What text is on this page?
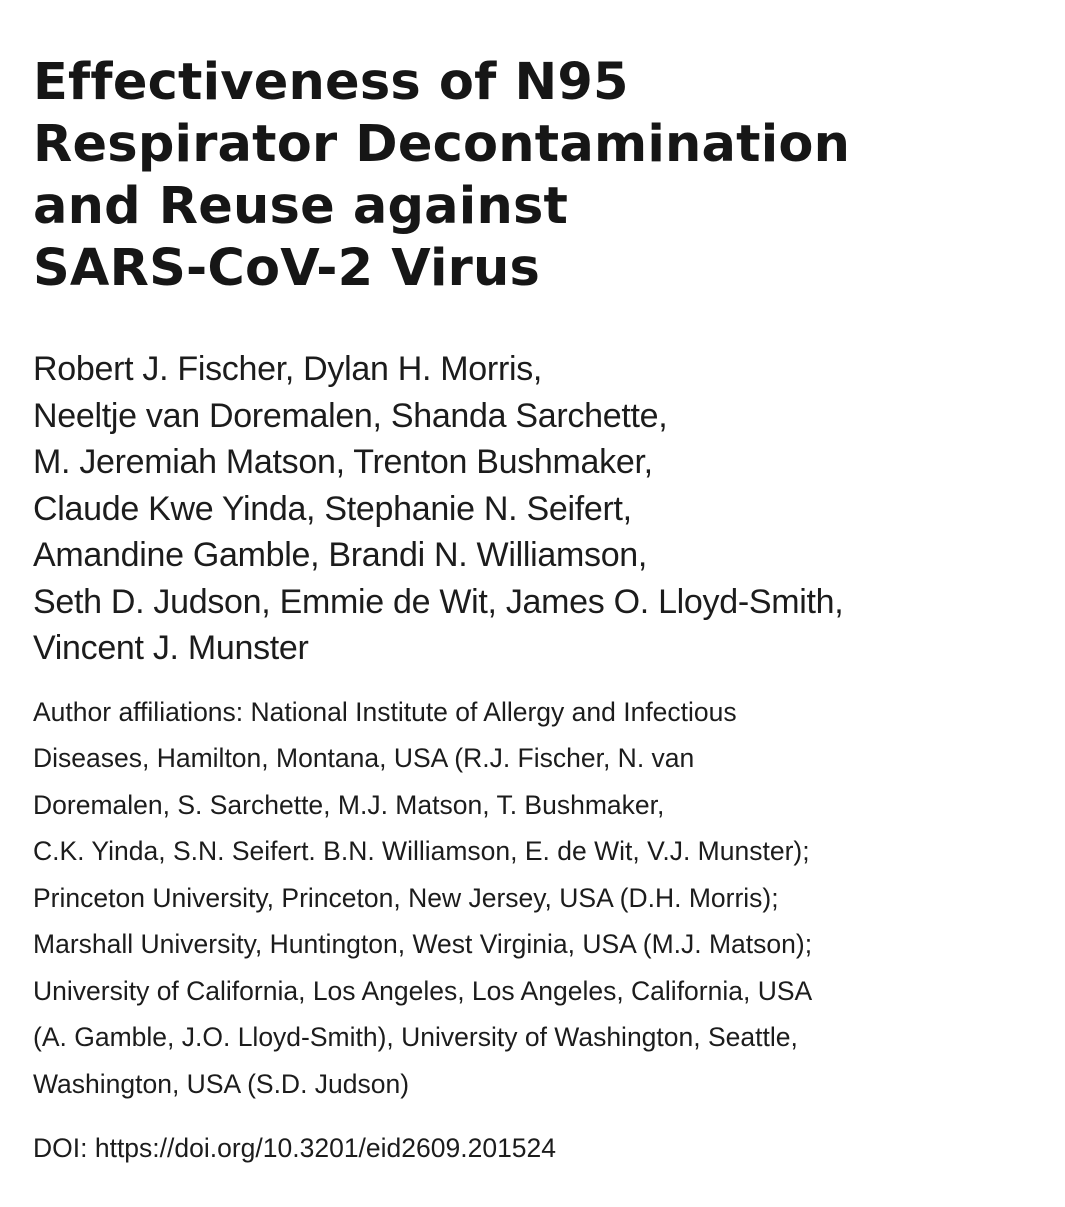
Effectiveness of N95
Respirator Decontamination
and Reuse against
SARS-CoV-2 Virus
Robert J. Fischer, Dylan H. Morris,
Neeltje van Doremalen, Shanda Sarchette,
M. Jeremiah Matson, Trenton Bushmaker,
Claude Kwe Yinda, Stephanie N. Seifert,
Amandine Gamble, Brandi N. Williamson,
Seth D. Judson, Emmie de Wit, James O. Lloyd-Smith,
Vincent J. Munster
Author affiliations: National Institute of Allergy and Infectious
Diseases, Hamilton, Montana, USA (R.J. Fischer, N. van
Doremalen, S. Sarchette, M.J. Matson, T. Bushmaker,
C.K. Yinda, S.N. Seifert. B.N. Williamson, E. de Wit, V.J. Munster);
Princeton University, Princeton, New Jersey, USA (D.H. Morris);
Marshall University, Huntington, West Virginia, USA (M.J. Matson);
University of California, Los Angeles, Los Angeles, California, USA
(A. Gamble, J.O. Lloyd-Smith), University of Washington, Seattle,
Washington, USA (S.D. Judson)
DOI: https://doi.org/10.3201/eid2609.201524
